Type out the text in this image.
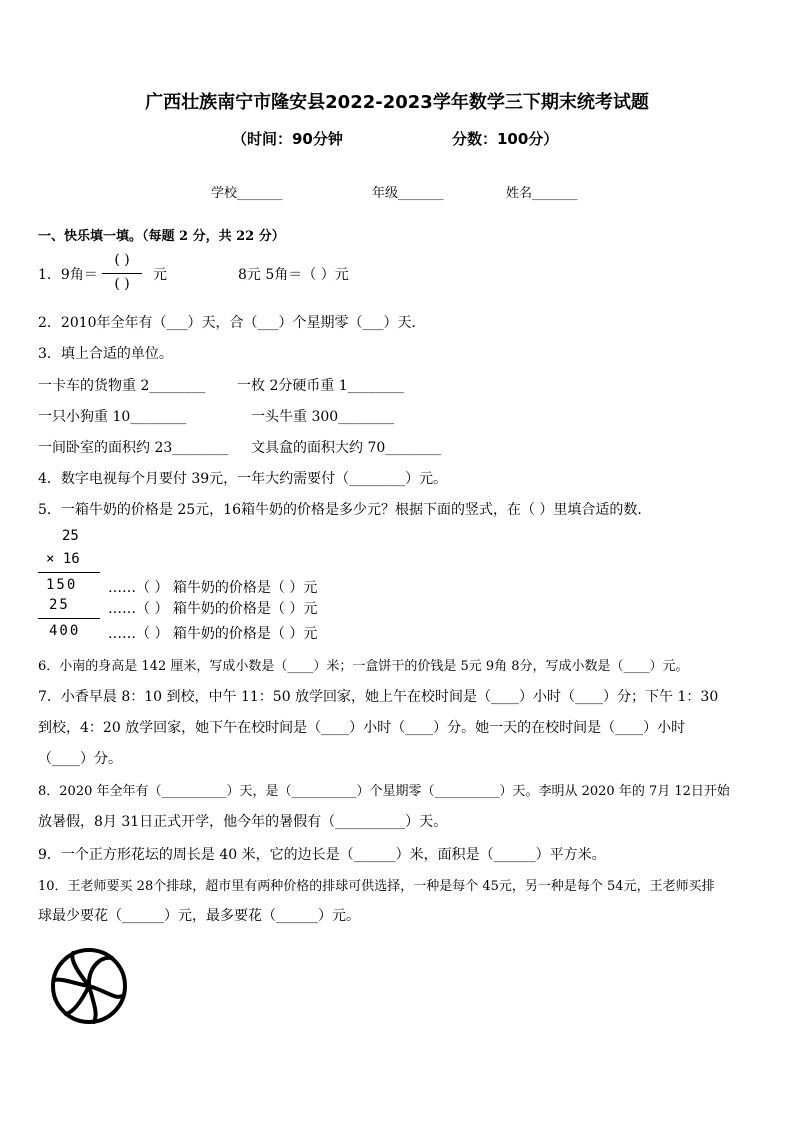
广西壮族南宁市隆安县2022-2023学年数学三下期末统考试题
（时间：90分钟	分数：100分）
学校_______	年级_______	姓名_______
一、快乐填一填。（每题 2 分，共 22 分）
1．9角＝
( )
( )
元	8元 5角＝（ ）元
2．2010年全年有（___）天，合（___）个星期零（___）天．
3．填上合适的单位。
一卡车的货物重 2________ 一枚 2分硬币重 1________
一只小狗重 10________	一头牛重 300________
一间卧室的面积约 23________ 文具盒的面积大约 70________
4．数字电视每个月要付 39元，一年大约需要付（________）元。
5．一箱牛奶的价格是 25元，16箱牛奶的价格是多少元？根据下面的竖式，在（ ）里填合适的数．
25
× 16
150
25
400
……（ ） 箱牛奶的价格是（ ）元
……（ ） 箱牛奶的价格是（ ）元
……（ ） 箱牛奶的价格是（ ）元
6．小南的身高是 142 厘米，写成小数是（____）米；一盒饼干的价钱是 5元 9角 8分，写成小数是（____）元。
7．小香早晨 8：10 到校，中午 11：50 放学回家，她上午在校时间是（____）小时（____）分；下午 1：30
到校，4：20 放学回家，她下午在校时间是（____）小时（____）分。她一天的在校时间是（____）小时
（____）分。
8．2020 年全年有（__________）天，是（__________）个星期零（__________）天。李明从 2020 年的 7月 12日开始
放暑假，8月 31日正式开学，他今年的暑假有（__________）天。
9．一个正方形花坛的周长是 40 米，它的边长是（______）米，面积是（______）平方米。
10．王老师要买 28个排球，超市里有两种价格的排球可供选择，一种是每个 45元，另一种是每个 54元，王老师买排
球最少要花（______）元，最多要花（______）元。
